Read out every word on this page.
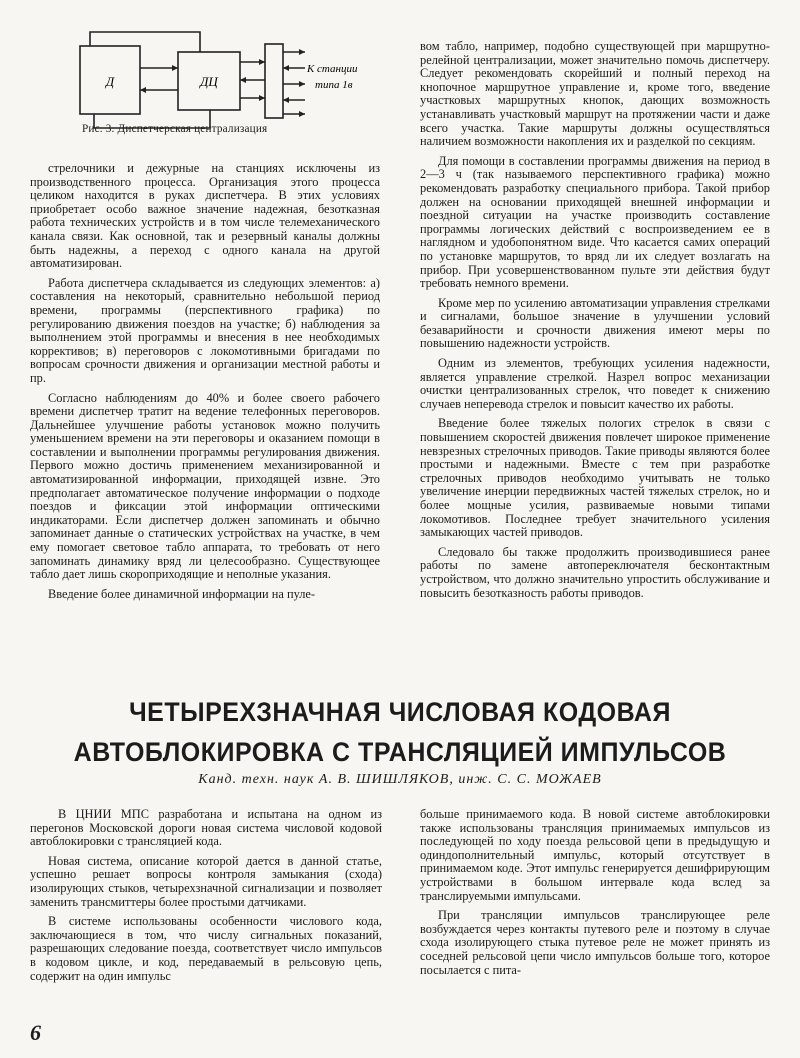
Д	ДЦ
К станции
типа 1в
Рис. 3. Диспетчерская централизация

стрелочники и дежурные на станциях исключены из производственного процесса. Организация этого процесса целиком находится в руках диспетчера. В этих условиях приобретает особо важное значение надежная, безотказная работа технических устройств и в том числе телемеханического канала связи. Как основной, так и резервный каналы должны быть надежны, а переход с одного канала на другой автоматизирован.

Работа диспетчера складывается из следующих элементов: а) составления на некоторый, сравнительно небольшой период времени, программы (перспективного графика) по регулированию движения поездов на участке; б) наблюдения за выполнением этой программы и внесения в нее необходимых коррективов; в) переговоров с локомотивными бригадами по вопросам срочности движения и организации местной работы и пр.

Согласно наблюдениям до 40% и более своего рабочего времени диспетчер тратит на ведение телефонных переговоров. Дальнейшее улучшение работы установок можно получить уменьшением времени на эти переговоры и оказанием помощи в составлении и выполнении программы регулирования движения. Первого можно достичь применением механизированной и автоматизированной информации, приходящей извне. Это предполагает автоматическое получение информации о подходе поездов и фиксации этой информации оптическими индикаторами. Если диспетчер должен запоминать и обычно запоминает данные о статических устройствах на участке, в чем ему помогает световое табло аппарата, то требовать от него запоминать динамику вряд ли целесообразно. Существующее табло дает лишь скороприходящие и неполные указания.

Введение более динамичной информации на пуле-

вом табло, например, подобно существующей при маршрутно-релейной централизации, может значительно помочь диспетчеру. Следует рекомендовать скорейший и полный переход на кнопочное маршрутное управление и, кроме того, введение участковых маршрутных кнопок, дающих возможность устанавливать участковый маршрут на протяжении части и даже всего участка. Такие маршруты должны осуществляться наличием возможности накопления их и разделкой по секциям.

Для помощи в составлении программы движения на период в 2—3 ч (так называемого перспективного графика) можно рекомендовать разработку специального прибора. Такой прибор должен на основании приходящей внешней информации и поездной ситуации на участке производить составление программы логических действий с воспроизведением ее в наглядном и удобопонятном виде. Что касается самих операций по установке маршрутов, то вряд ли их следует возлагать на прибор. При усовершенствованном пульте эти действия будут требовать немного времени.

Кроме мер по усилению автоматизации управления стрелками и сигналами, большое значение в улучшении условий безаварийности и срочности движения имеют меры по повышению надежности устройств.

Одним из элементов, требующих усиления надежности, является управление стрелкой. Назрел вопрос механизации очистки централизованных стрелок, что поведет к снижению случаев неперевода стрелок и повысит качество их работы.

Введение более тяжелых пологих стрелок в связи с повышением скоростей движения повлечет широкое применение невзрезных стрелочных приводов. Такие приводы являются более простыми и надежными. Вместе с тем при разработке стрелочных приводов необходимо учитывать не только увеличение инерции передвижных частей тяжелых стрелок, но и более мощные усилия, развиваемые новыми типами локомотивов. Последнее требует значительного усиления замыкающих частей приводов.

Следовало бы также продолжить производившиеся ранее работы по замене автопереключателя бесконтактным устройством, что должно значительно упростить обслуживание и повысить безотказность работы приводов.

ЧЕТЫРЕХЗНАЧНАЯ ЧИСЛОВАЯ КОДОВАЯ
АВТОБЛОКИРОВКА С ТРАНСЛЯЦИЕЙ ИМПУЛЬСОВ
Канд. техн. наук А. В. ШИШЛЯКОВ, инж. С. С. МОЖАЕВ

В ЦНИИ МПС разработана и испытана на одном из перегонов Московской дороги новая система числовой кодовой автоблокировки с трансляцией кода.

Новая система, описание которой дается в данной статье, успешно решает вопросы контроля замыкания (схода) изолирующих стыков, четырехзначной сигнализации и позволяет заменить трансмиттеры более простыми датчиками.

В системе использованы особенности числового кода, заключающиеся в том, что числу сигнальных показаний, разрешающих следование поезда, соответствует число импульсов в кодовом цикле, и код, передаваемый в рельсовую цепь, содержит на один импульс

больше принимаемого кода. В новой системе автоблокировки также использованы трансляция принимаемых импульсов из последующей по ходу поезда рельсовой цепи в предыдущую и одиндополнительный импульс, который отсутствует в принимаемом коде. Этот импульс генерируется дешифрирующим устройствами в большом интервале кода вслед за транслируемыми импульсами.

При трансляции импульсов транслирующее реле возбуждается через контакты путевого реле и поэтому в случае схода изолирующего стыка путевое реле не может принять из соседней рельсовой цепи число импульсов больше того, которое посылается с пита-

6
